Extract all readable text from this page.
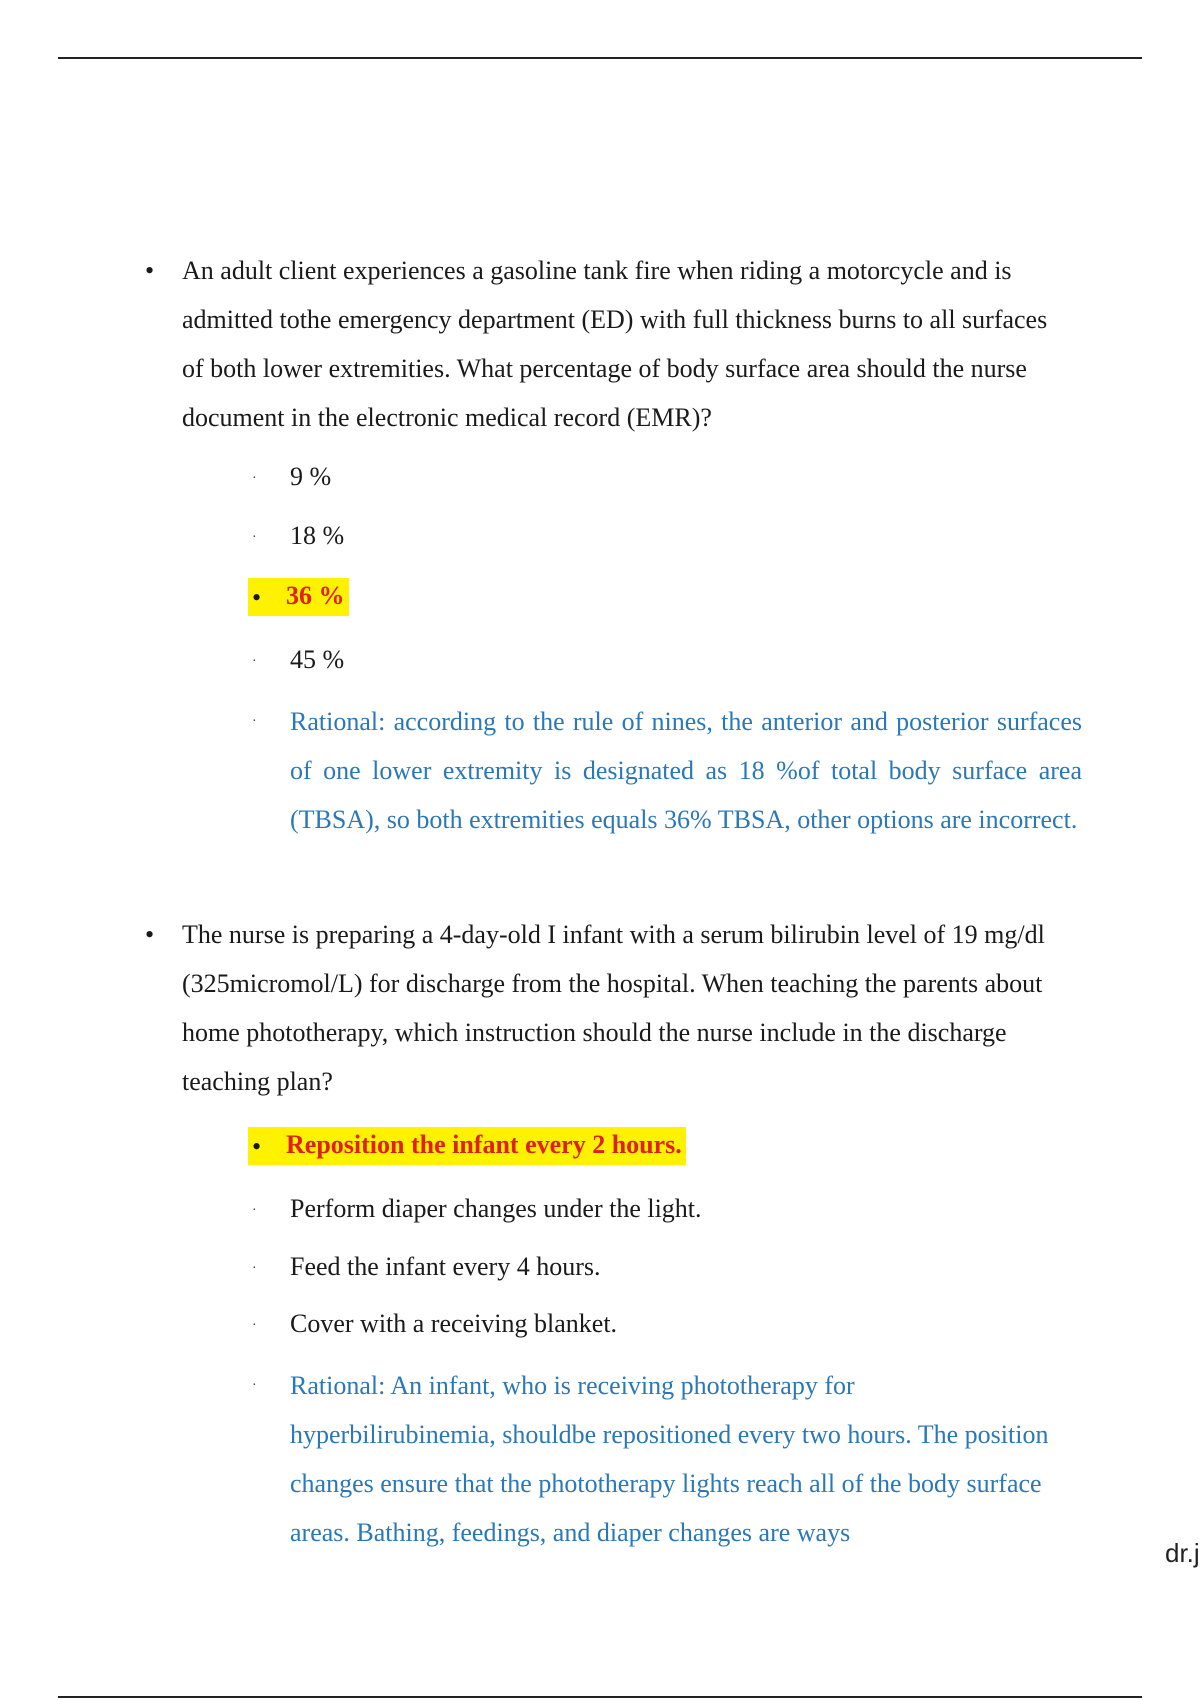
• An adult client experiences a gasoline tank fire when riding a motorcycle and is admitted tothe emergency department (ED) with full thickness burns to all surfaces of both lower extremities. What percentage of body surface area should the nurse document in the electronic medical record (EMR)?
· 9 %
· 18 %
• 36 %
· 45 %
· Rational: according to the rule of nines, the anterior and posterior surfaces of one lower extremity is designated as 18 %of total body surface area (TBSA), so both extremities equals 36% TBSA, other options are incorrect.
• The nurse is preparing a 4-day-old I infant with a serum bilirubin level of 19 mg/dl (325micromol/L) for discharge from the hospital. When teaching the parents about home phototherapy, which instruction should the nurse include in the discharge teaching plan?
• Reposition the infant every 2 hours.
· Perform diaper changes under the light.
· Feed the infant every 4 hours.
· Cover with a receiving blanket.
· Rational: An infant, who is receiving phototherapy for hyperbilirubinemia, shouldbe repositioned every two hours. The position changes ensure that the phototherapy lights reach all of the body surface areas. Bathing, feedings, and diaper changes are ways
dr.j
